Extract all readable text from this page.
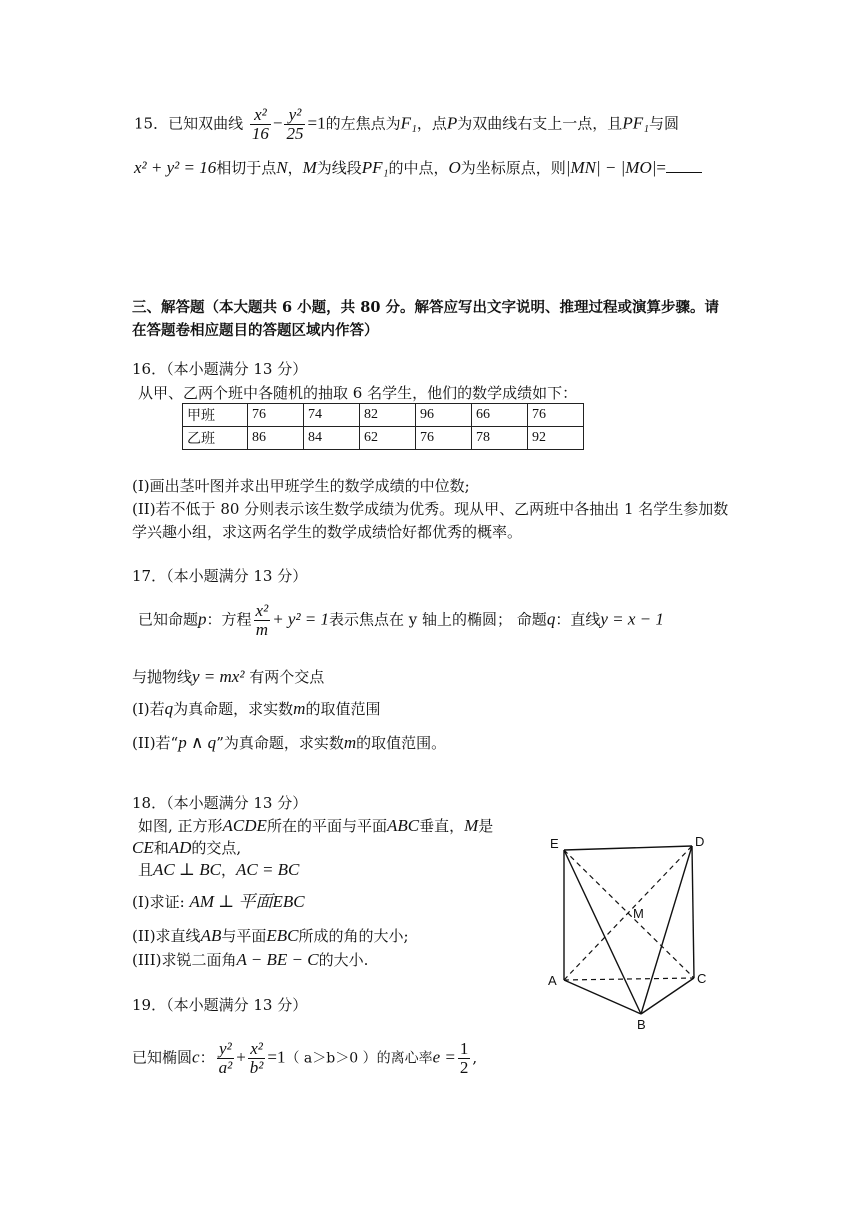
15．已知双曲线 $\frac{\text{x²}}{16} - \frac{\text{y²}}{25} =1$的左焦点为F₁，点P为双曲线右支上一点，且PF₁与圆
x² + y² = 16相切于点N，M为线段PF₁的中点，O为坐标原点，则|MN| − |MO|=
三、解答题（本大题共 6 小题，共 80 分。解答应写出文字说明、推理过程或演算步骤。请
在答题卷相应题目的答题区域内作答）
16．（本小题满分 13 分）
从甲、乙两个班中各随机的抽取 6 名学生，他们的数学成绩如下：
甲班	76	74	82	96	66	76
乙班	86	84	62	76	78	92
(I)画出茎叶图并求出甲班学生的数学成绩的中位数;
(II)若不低于 80 分则表示该生数学成绩为优秀。现从甲、乙两班中各抽出 1 名学生参加数
学兴趣小组，求这两名学生的数学成绩恰好都优秀的概率。
17．（本小题满分 13 分）
已知命题p：方程 $\frac{\text{x²}}{m} + y^2 = 1$表示焦点在 y 轴上的椭圆； 命题q：直线y = x − 1
与抛物线y = mx² 有两个交点
(I)若q为真命题，求实数m的取值范围
(II)若“p ∧ q”为真命题，求实数m的取值范围。
18．（本小题满分 13 分）
如图, 正方形ACDE所在的平面与平面ABC垂直，M是
CE和AD的交点,
且AC ⊥ BC，AC = BC
(I)求证: AM ⊥ 平面EBC
(II)求直线AB与平面EBC所成的角的大小;
(III)求锐二面角A − BE − C的大小.
E	D
M
A	C
B
19．（本小题满分 13 分）
已知椭圆c： $\frac{\text{y²}}{\text{a²}} + \frac{\text{x²}}{\text{b²}} =1$（ a＞b＞0 ）的离心率$e = \frac{1}{2}$ ,
